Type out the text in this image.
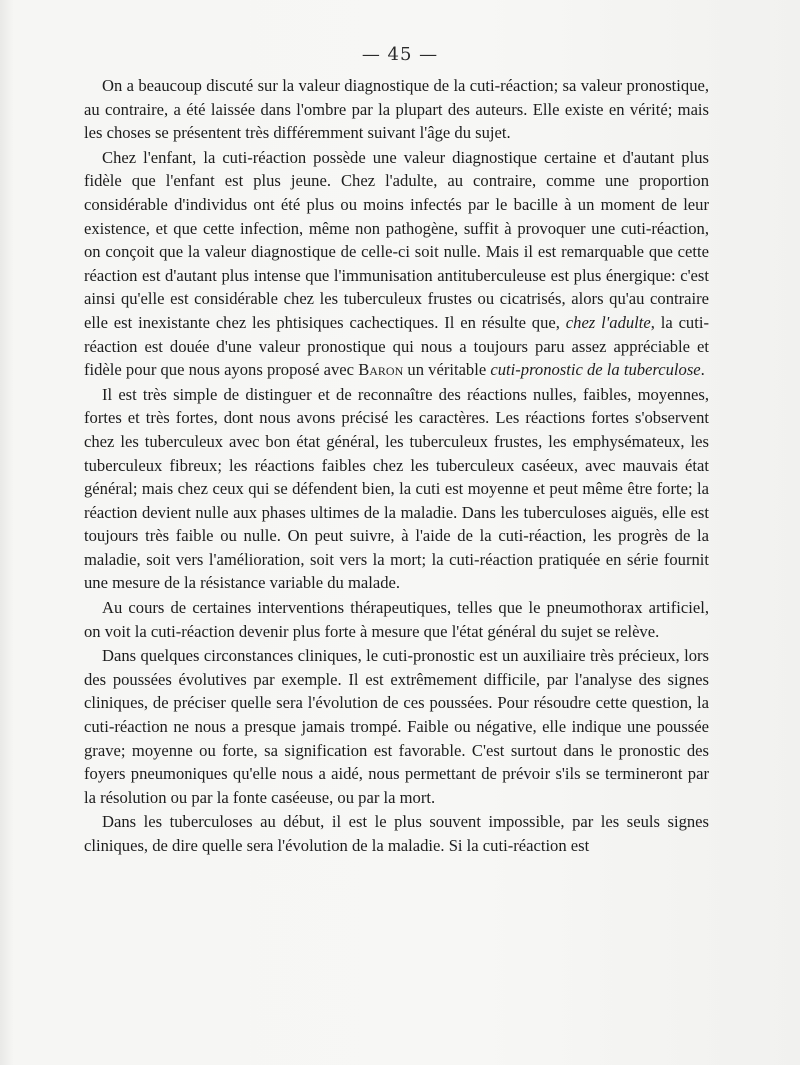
— 45 —

On a beaucoup discuté sur la valeur diagnostique de la cuti-réaction; sa valeur pronostique, au contraire, a été laissée dans l'ombre par la plupart des auteurs. Elle existe en vérité; mais les choses se présentent très différemment suivant l'âge du sujet.

Chez l'enfant, la cuti-réaction possède une valeur diagnostique certaine et d'autant plus fidèle que l'enfant est plus jeune. Chez l'adulte, au contraire, comme une proportion considérable d'individus ont été plus ou moins infectés par le bacille à un moment de leur existence, et que cette infection, même non pathogène, suffit à provoquer une cuti-réaction, on conçoit que la valeur diagnostique de celle-ci soit nulle. Mais il est remarquable que cette réaction est d'autant plus intense que l'immunisation antituberculeuse est plus énergique: c'est ainsi qu'elle est considérable chez les tuberculeux frustes ou cicatrisés, alors qu'au contraire elle est inexistante chez les phtisiques cachectiques. Il en résulte que, chez l'adulte, la cuti-réaction est douée d'une valeur pronostique qui nous a toujours paru assez appréciable et fidèle pour que nous ayons proposé avec Baron un véritable cuti-pronostic de la tuberculose.

Il est très simple de distinguer et de reconnaître des réactions nulles, faibles, moyennes, fortes et très fortes, dont nous avons précisé les caractères. Les réactions fortes s'observent chez les tuberculeux avec bon état général, les tuberculeux frustes, les emphysémateux, les tuberculeux fibreux; les réactions faibles chez les tuberculeux caséeux, avec mauvais état général; mais chez ceux qui se défendent bien, la cuti est moyenne et peut même être forte; la réaction devient nulle aux phases ultimes de la maladie. Dans les tuberculoses aiguës, elle est toujours très faible ou nulle. On peut suivre, à l'aide de la cuti-réaction, les progrès de la maladie, soit vers l'amélioration, soit vers la mort; la cuti-réaction pratiquée en série fournit une mesure de la résistance variable du malade.

Au cours de certaines interventions thérapeutiques, telles que le pneumothorax artificiel, on voit la cuti-réaction devenir plus forte à mesure que l'état général du sujet se relève.

Dans quelques circonstances cliniques, le cuti-pronostic est un auxiliaire très précieux, lors des poussées évolutives par exemple. Il est extrêmement difficile, par l'analyse des signes cliniques, de préciser quelle sera l'évolution de ces poussées. Pour résoudre cette question, la cuti-réaction ne nous a presque jamais trompé. Faible ou négative, elle indique une poussée grave; moyenne ou forte, sa signification est favorable. C'est surtout dans le pronostic des foyers pneumoniques qu'elle nous a aidé, nous permettant de prévoir s'ils se termineront par la résolution ou par la fonte caséeuse, ou par la mort.

Dans les tuberculoses au début, il est le plus souvent impossible, par les seuls signes cliniques, de dire quelle sera l'évolution de la maladie. Si la cuti-réaction est
